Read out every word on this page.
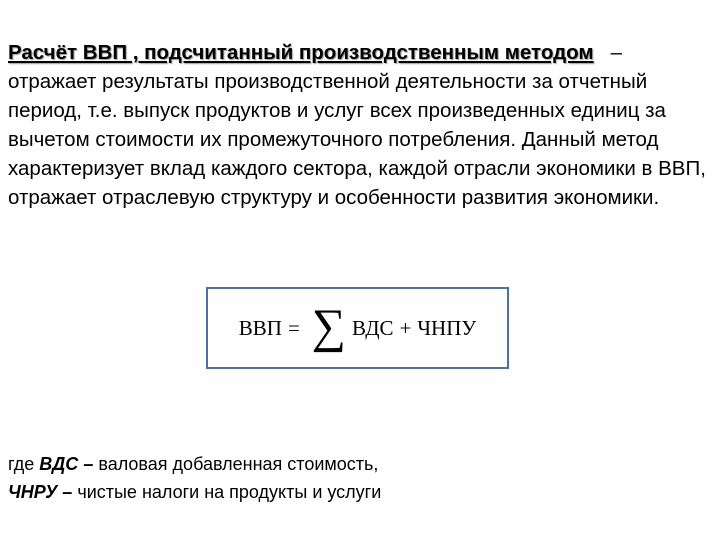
Расчёт ВВП , подсчитанный производственным методом – отражает результаты производственной деятельности за отчетный период, т.е. выпуск продуктов и услуг всех произведенных единиц за вычетом стоимости их промежуточного потребления. Данный метод характеризует вклад каждого сектора, каждой отрасли экономики в ВВП, отражает отраслевую структуру и особенности развития экономики.
ВВП = ∑ ВДС + ЧНПУ
где ВДС – валовая добавленная стоимость,
ЧНРУ – чистые налоги на продукты и услуги
